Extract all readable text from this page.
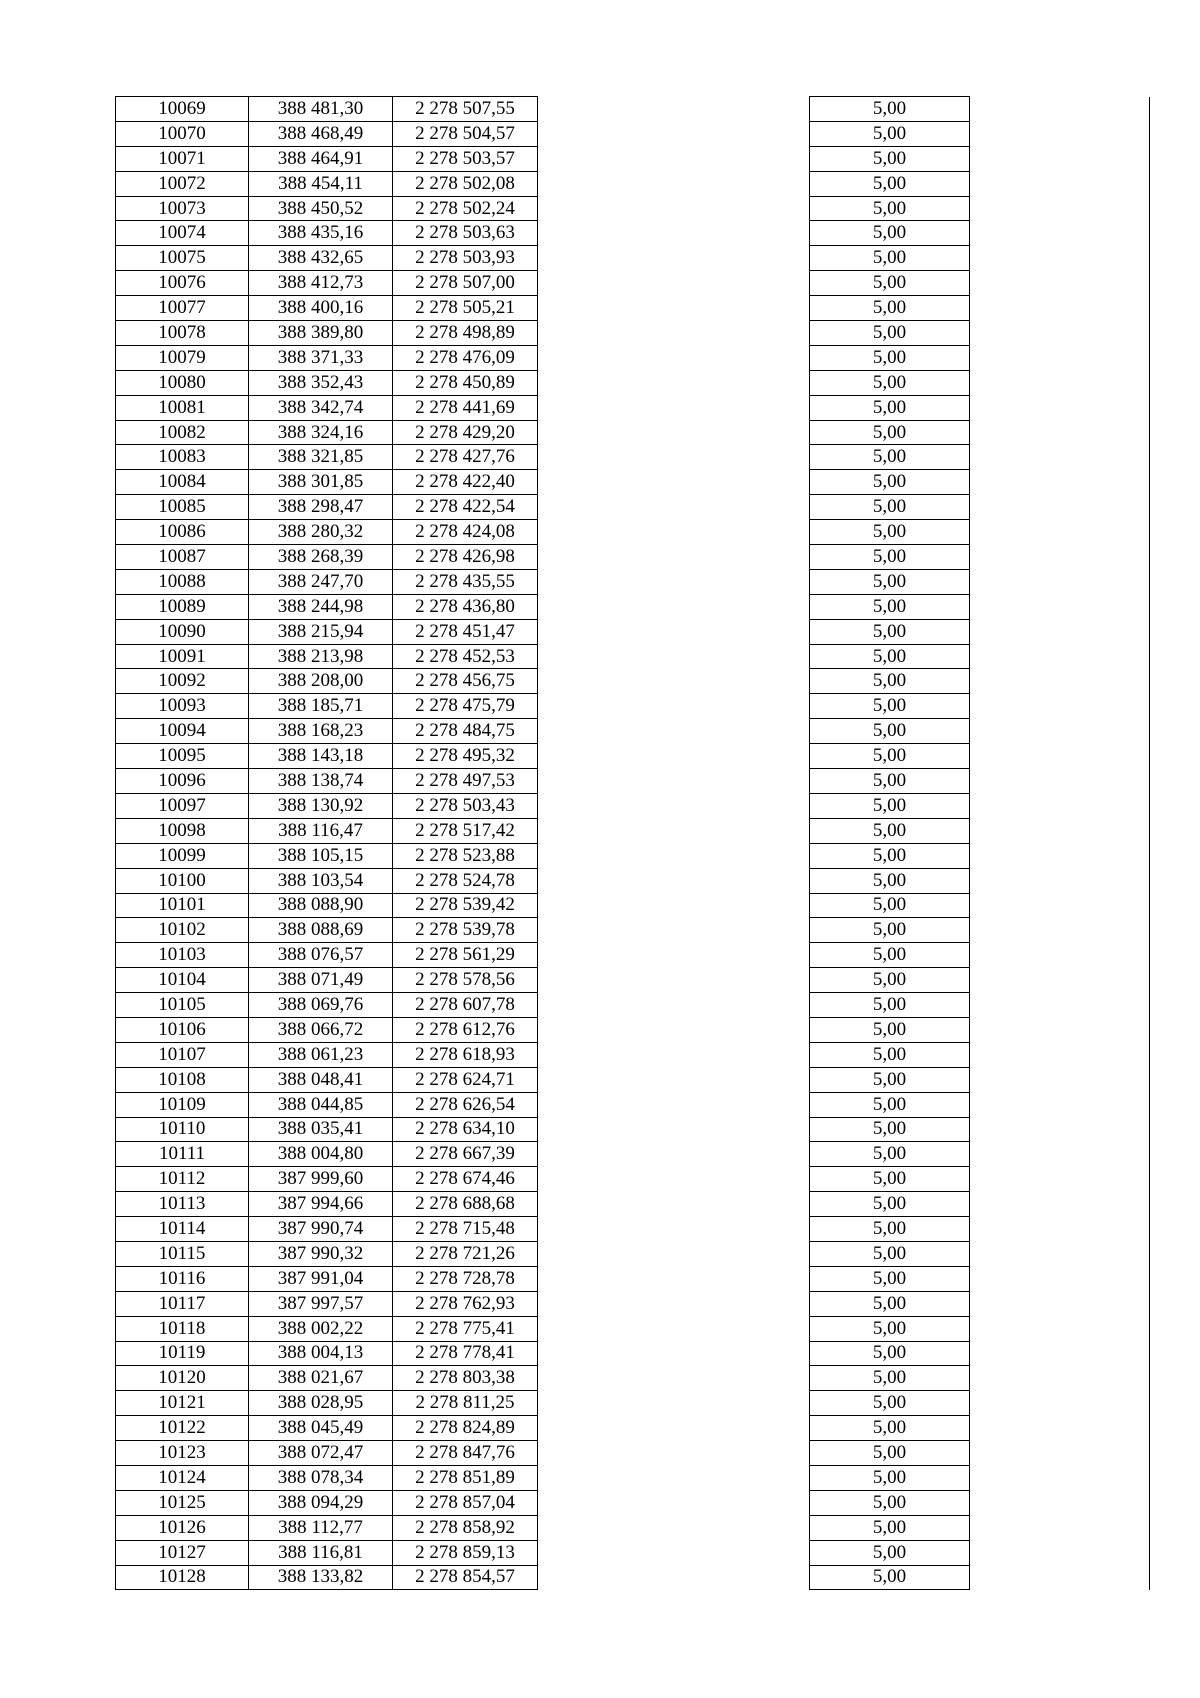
10069	388 481,30	2 278 507,55		5,00	
10070	388 468,49	2 278 504,57		5,00	
10071	388 464,91	2 278 503,57		5,00	
10072	388 454,11	2 278 502,08		5,00	
10073	388 450,52	2 278 502,24		5,00	
10074	388 435,16	2 278 503,63		5,00	
10075	388 432,65	2 278 503,93		5,00	
10076	388 412,73	2 278 507,00		5,00	
10077	388 400,16	2 278 505,21		5,00	
10078	388 389,80	2 278 498,89		5,00	
10079	388 371,33	2 278 476,09		5,00	
10080	388 352,43	2 278 450,89		5,00	
10081	388 342,74	2 278 441,69		5,00	
10082	388 324,16	2 278 429,20		5,00	
10083	388 321,85	2 278 427,76		5,00	
10084	388 301,85	2 278 422,40		5,00	
10085	388 298,47	2 278 422,54		5,00	
10086	388 280,32	2 278 424,08		5,00	
10087	388 268,39	2 278 426,98		5,00	
10088	388 247,70	2 278 435,55		5,00	
10089	388 244,98	2 278 436,80		5,00	
10090	388 215,94	2 278 451,47		5,00	
10091	388 213,98	2 278 452,53		5,00	
10092	388 208,00	2 278 456,75		5,00	
10093	388 185,71	2 278 475,79		5,00	
10094	388 168,23	2 278 484,75		5,00	
10095	388 143,18	2 278 495,32		5,00	
10096	388 138,74	2 278 497,53		5,00	
10097	388 130,92	2 278 503,43		5,00	
10098	388 116,47	2 278 517,42		5,00	
10099	388 105,15	2 278 523,88		5,00	
10100	388 103,54	2 278 524,78		5,00	
10101	388 088,90	2 278 539,42		5,00	
10102	388 088,69	2 278 539,78		5,00	
10103	388 076,57	2 278 561,29		5,00	
10104	388 071,49	2 278 578,56		5,00	
10105	388 069,76	2 278 607,78		5,00	
10106	388 066,72	2 278 612,76		5,00	
10107	388 061,23	2 278 618,93		5,00	
10108	388 048,41	2 278 624,71		5,00	
10109	388 044,85	2 278 626,54		5,00	
10110	388 035,41	2 278 634,10		5,00	
10111	388 004,80	2 278 667,39		5,00	
10112	387 999,60	2 278 674,46		5,00	
10113	387 994,66	2 278 688,68		5,00	
10114	387 990,74	2 278 715,48		5,00	
10115	387 990,32	2 278 721,26		5,00	
10116	387 991,04	2 278 728,78		5,00	
10117	387 997,57	2 278 762,93		5,00	
10118	388 002,22	2 278 775,41		5,00	
10119	388 004,13	2 278 778,41		5,00	
10120	388 021,67	2 278 803,38		5,00	
10121	388 028,95	2 278 811,25		5,00	
10122	388 045,49	2 278 824,89		5,00	
10123	388 072,47	2 278 847,76		5,00	
10124	388 078,34	2 278 851,89		5,00	
10125	388 094,29	2 278 857,04		5,00	
10126	388 112,77	2 278 858,92		5,00	
10127	388 116,81	2 278 859,13		5,00	
10128	388 133,82	2 278 854,57		5,00	
